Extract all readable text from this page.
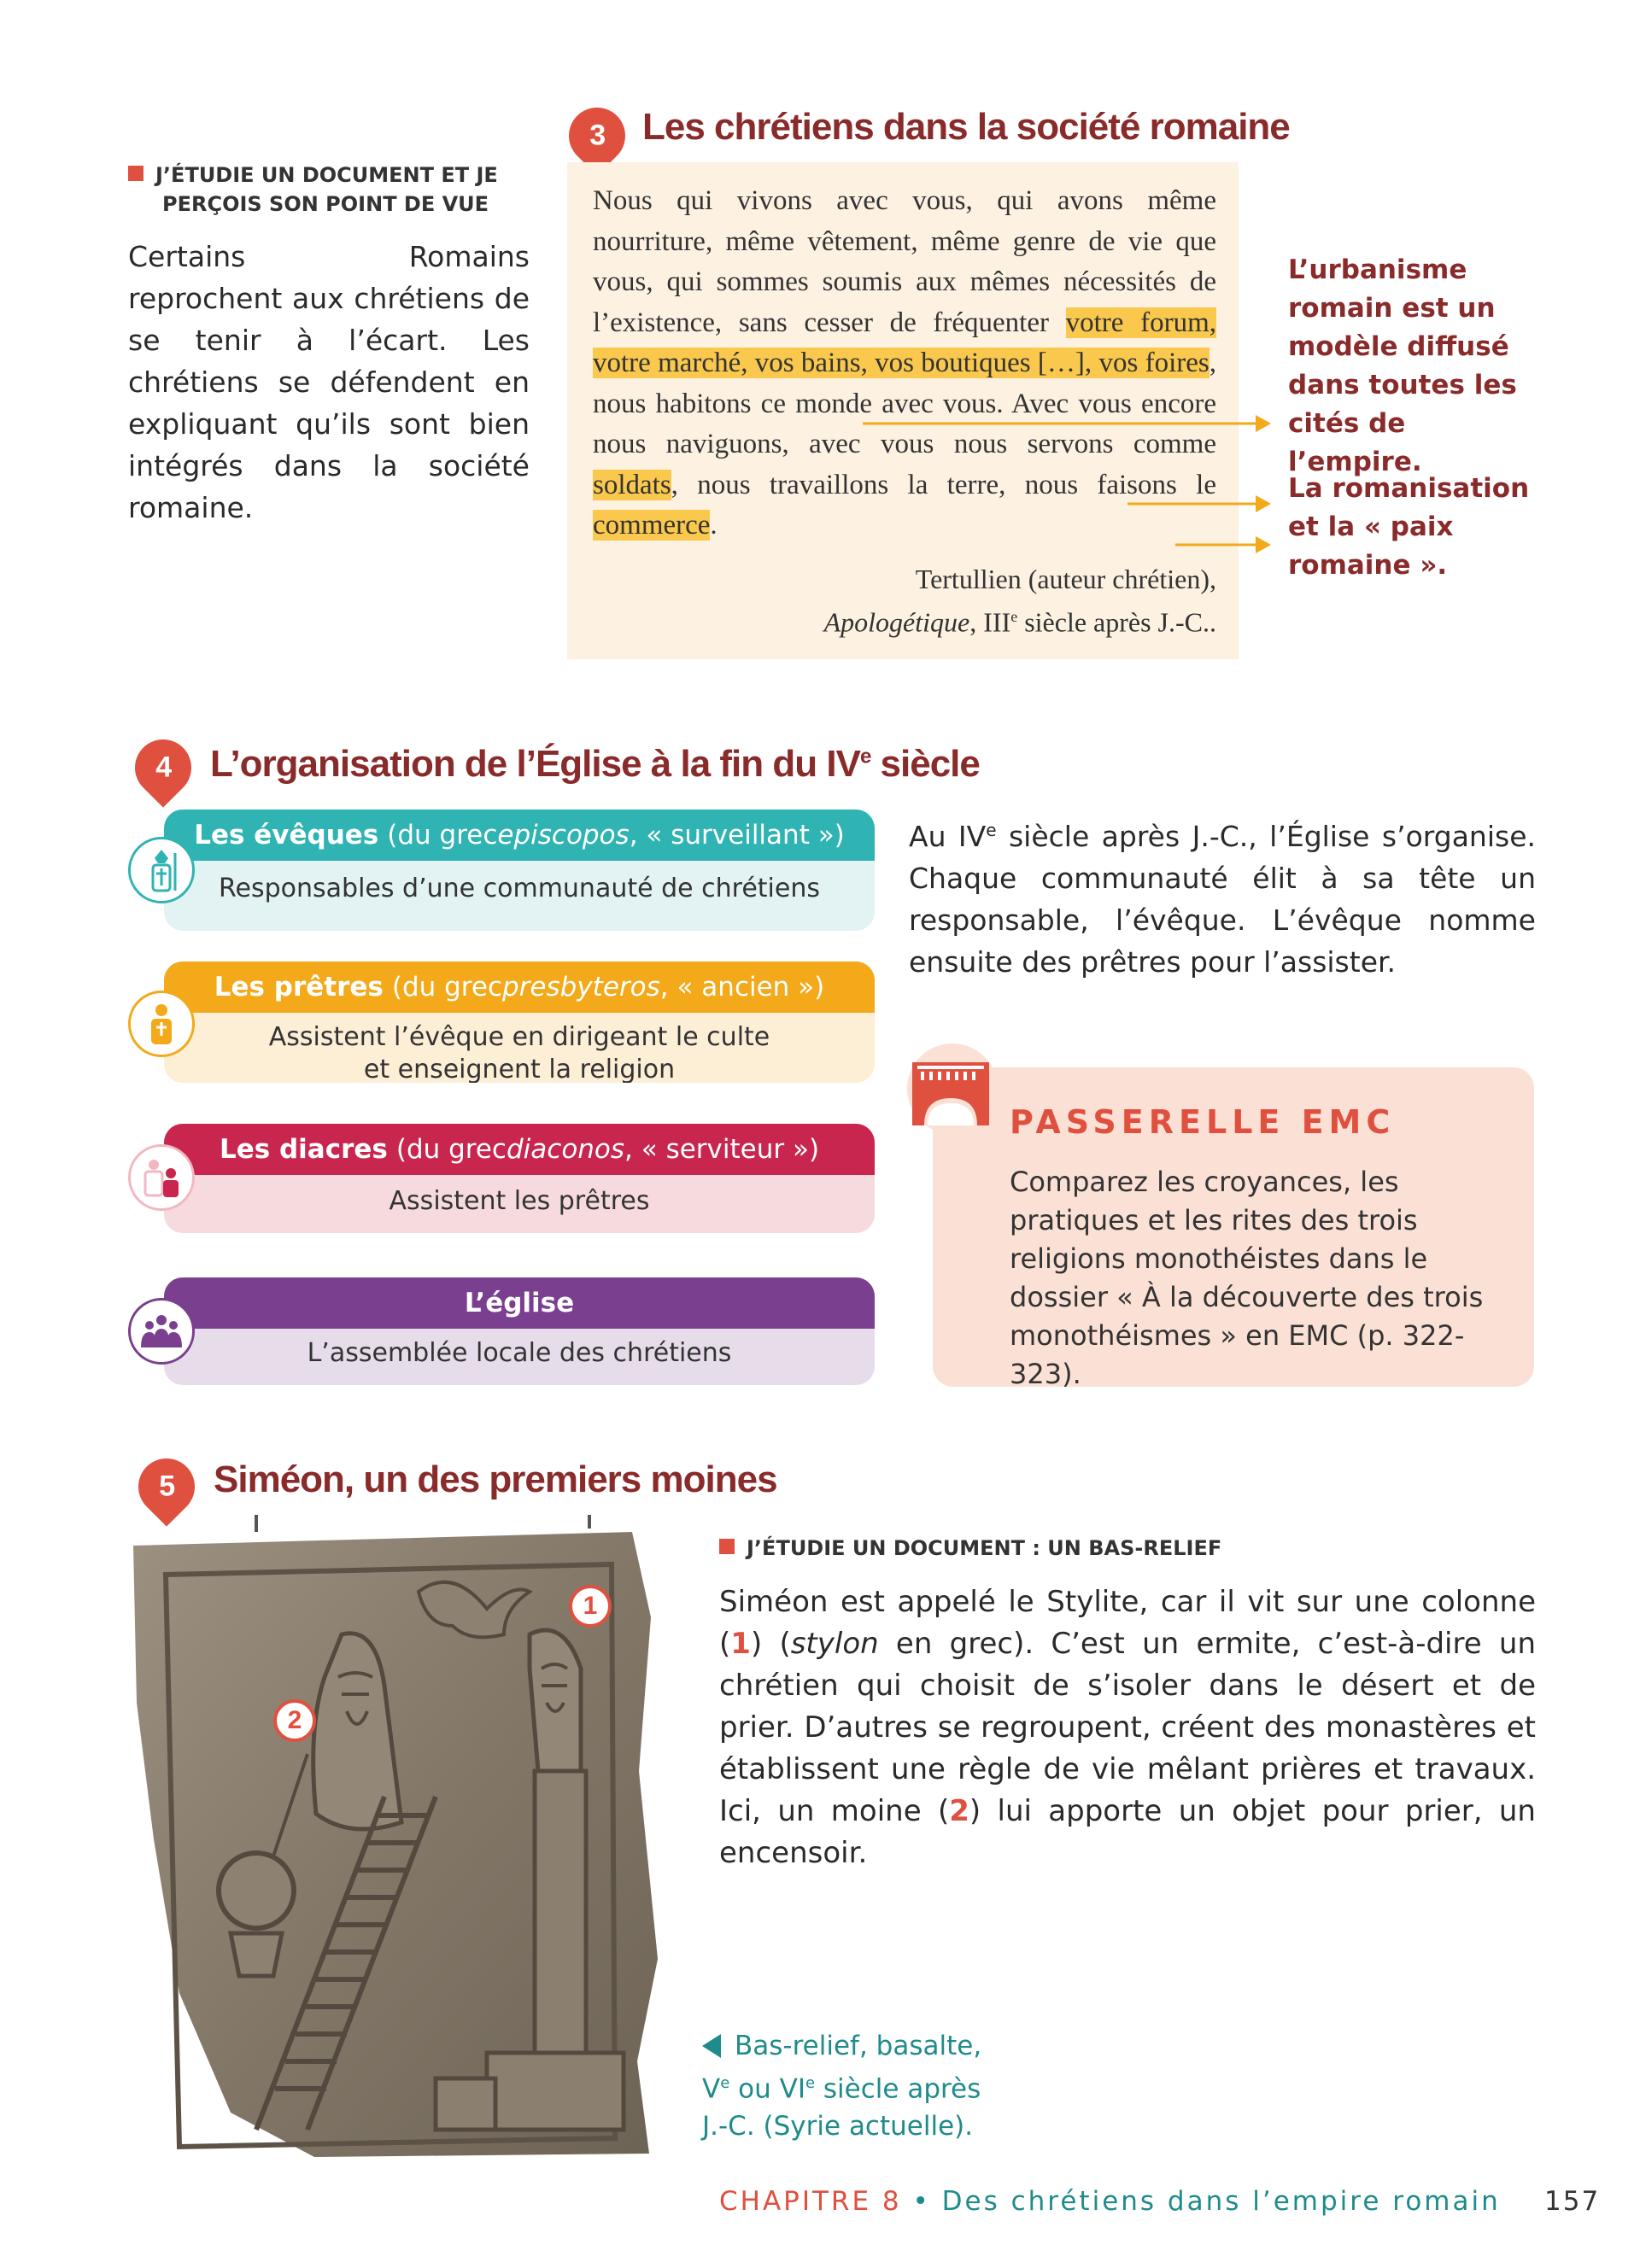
3 Les chrétiens dans la société romaine
J’ÉTUDIE UN DOCUMENT ET JE
PERÇOIS SON POINT DE VUE
Certains Romains reprochent aux chrétiens de se tenir à l’écart. Les chrétiens se défendent en expliquant qu’ils sont bien intégrés dans la société romaine.
Nous qui vivons avec vous, qui avons même nourriture, même vêtement, même genre de vie que vous, qui sommes soumis aux mêmes nécessités de l’existence, sans cesser de fréquenter votre forum, votre marché, vos bains, vos boutiques […], vos foires, nous habitons ce monde avec vous. Avec vous encore nous naviguons, avec vous nous servons comme soldats, nous travaillons la terre, nous faisons le commerce.
Tertullien (auteur chrétien),
Apologétique, IIIe siècle après J.-C..
L’urbanisme romain est un modèle diffusé dans toutes les cités de l’empire.
La romanisation et la « paix romaine ».
4 L’organisation de l’Église à la fin du IVe siècle
Les évêques (du grec episcopos , « surveillant »)
Responsables d’une communauté de chrétiens
Les prêtres (du grec presbyteros , « ancien »)
Assistent l’évêque en dirigeant le culte
et enseignent la religion
Les diacres (du grec diaconos , « serviteur »)
Assistent les prêtres
L’église
L’assemblée locale des chrétiens
Au IVe siècle après J.-C., l’Église s’organise. Chaque communauté élit à sa tête un responsable, l’évêque. L’évêque nomme ensuite des prêtres pour l’assister.
PASSERELLE EMC
Comparez les croyances, les pratiques et les rites des trois religions monothéistes dans le dossier « À la découverte des trois monothéismes » en EMC (p. 322-323).
5 Siméon, un des premiers moines
1
2
J’ÉTUDIE UN DOCUMENT : UN BAS-RELIEF
Siméon est appelé le Stylite, car il vit sur une colonne (1) (stylon en grec). C’est un ermite, c’est-à-dire un chrétien qui choisit de s’isoler dans le désert et de prier. D’autres se regroupent, créent des monastères et établissent une règle de vie mêlant prières et travaux. Ici, un moine (2) lui apporte un objet pour prier, un encensoir.
Bas-relief, basalte,
Ve ou VIe siècle après
J.-C. (Syrie actuelle).
CHAPITRE 8 • Des chrétiens dans l’empire romain 157
